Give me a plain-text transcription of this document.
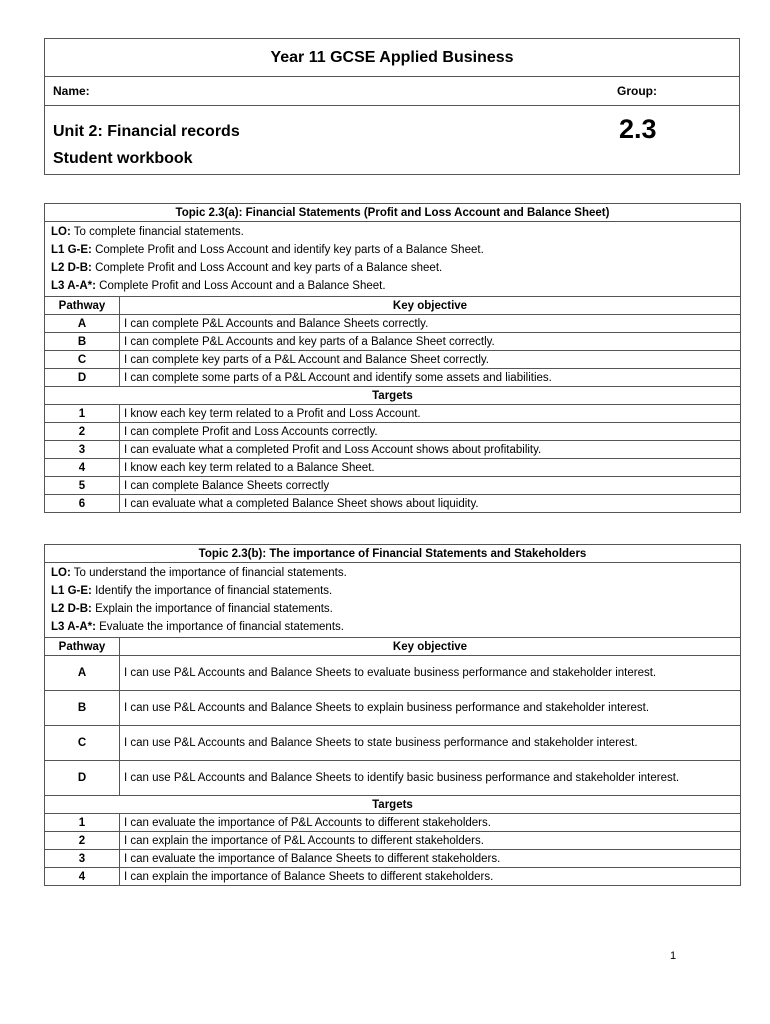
Year 11 GCSE Applied Business
Name:	Group:
Unit 2: Financial records
Student workbook
2.3
Topic 2.3(a): Financial Statements (Profit and Loss Account and Balance Sheet)	

LO: To complete financial statements.
L1 G-E: Complete Profit and Loss Account and identify key parts of a Balance Sheet.
L2 D-B: Complete Profit and Loss Account and key parts of a Balance sheet.
L3 A-A*: Complete Profit and Loss Account and a Balance Sheet.	

Pathway	Key objective
A	I can complete P&L Accounts and Balance Sheets correctly.
B	I can complete P&L Accounts and key parts of a Balance Sheet correctly.
C	I can complete key parts of a P&L Account and Balance Sheet correctly.
D	I can complete some parts of a P&L Account and identify some assets and liabilities.
Targets	
1	I know each key term related to a Profit and Loss Account.
2	I can complete Profit and Loss Accounts correctly.
3	I can evaluate what a completed Profit and Loss Account shows about profitability.
4	I know each key term related to a Balance Sheet.
5	I can complete Balance Sheets correctly
6	I can evaluate what a completed Balance Sheet shows about liquidity.
Topic 2.3(b): The importance of Financial Statements and Stakeholders	

LO: To understand the importance of financial statements.
L1 G-E: Identify the importance of financial statements.
L2 D-B: Explain the importance of financial statements.
L3 A-A*: Evaluate the importance of financial statements.	

Pathway	Key objective
A	I can use P&L Accounts and Balance Sheets to evaluate business performance and stakeholder interest.
B	I can use P&L Accounts and Balance Sheets to explain business performance and stakeholder interest.
C	I can use P&L Accounts and Balance Sheets to state business performance and stakeholder interest.
D	I can use P&L Accounts and Balance Sheets to identify basic business performance and stakeholder interest.
Targets	
1	I can evaluate the importance of P&L Accounts to different stakeholders.
2	I can explain the importance of P&L Accounts to different stakeholders.
3	I can evaluate the importance of Balance Sheets to different stakeholders.
4	I can explain the importance of Balance Sheets to different stakeholders.
1
